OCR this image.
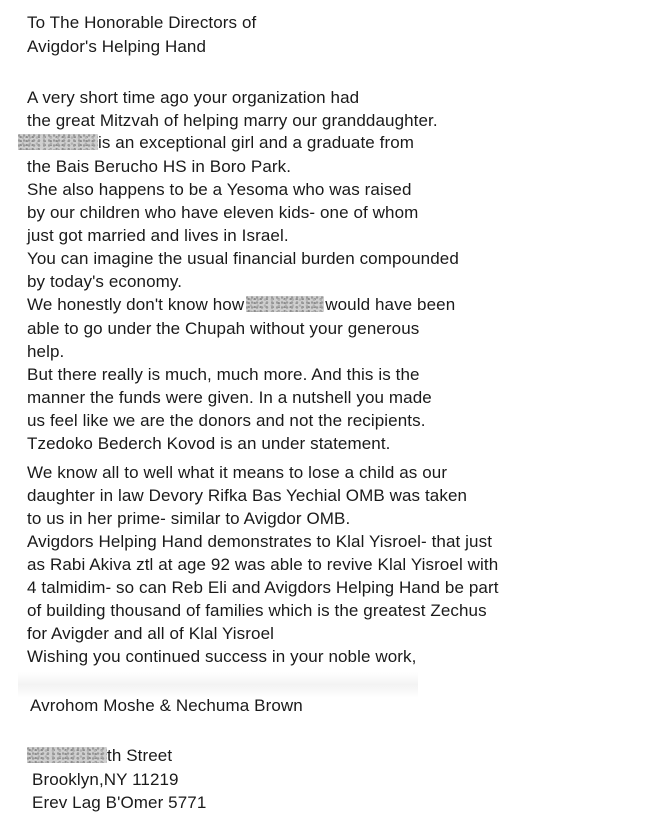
To The Honorable Directors of
Avigdor's Helping Hand
A very short time ago your organization had
the great Mitzvah of helping marry our granddaughter.
is an exceptional girl and a graduate from
the Bais Berucho HS in Boro Park.
She also happens to be a Yesoma who was raised
by our children who have eleven kids- one of whom
just got married and lives in Israel.
You can imagine the usual financial burden compounded
by today's economy.
We honestly don't know how	would have been
able to go under the Chupah without your generous
help.
But there really is much, much more. And this is the
manner the funds were given. In a nutshell you made
us feel like we are the donors and not the recipients.
Tzedoko Bederch Kovod is an under statement.
We know all to well what it means to lose a child as our
daughter in law Devory Rifka Bas Yechial OMB was taken
to us in her prime- similar to Avigdor OMB.
Avigdors Helping Hand demonstrates to Klal Yisroel- that just
as Rabi Akiva ztl at age 92 was able to revive Klal Yisroel with
4 talmidim- so can Reb Eli and Avigdors Helping Hand be part
of building thousand of families which is the greatest Zechus
for Avigder and all of Klal Yisroel
Wishing you continued success in your noble work,
Avrohom Moshe & Nechuma Brown
th Street
Brooklyn,NY 11219
Erev Lag B'Omer 5771
